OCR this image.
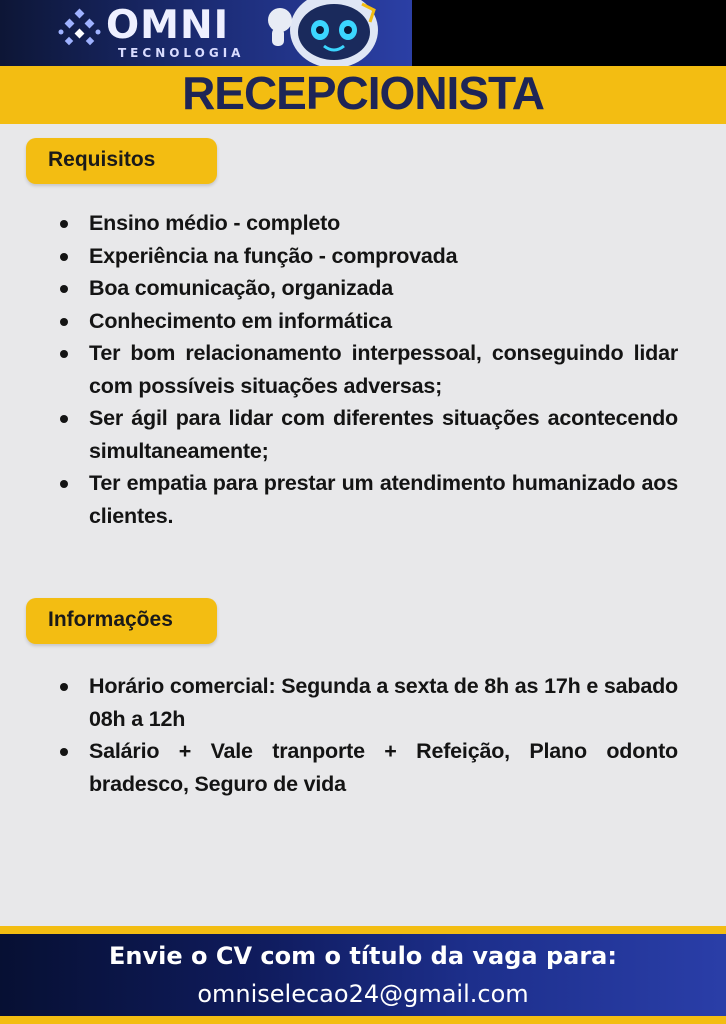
OMNI
TECNOLOGIA
RECEPCIONISTA
Requisitos
Ensino médio - completo
Experiência na função - comprovada
Boa comunicação, organizada
Conhecimento em informática
Ter bom relacionamento interpessoal, conseguindo lidar com possíveis situações adversas;
Ser ágil para lidar com diferentes situações acontecendo simultaneamente;
Ter empatia para prestar um atendimento humanizado aos clientes.
Informações
Horário comercial: Segunda a sexta de 8h as 17h e sabado 08h a 12h
Salário + Vale tranporte + Refeição, Plano odonto bradesco, Seguro de vida
Envie o CV com o título da vaga para:
omniselecao24@gmail.com
